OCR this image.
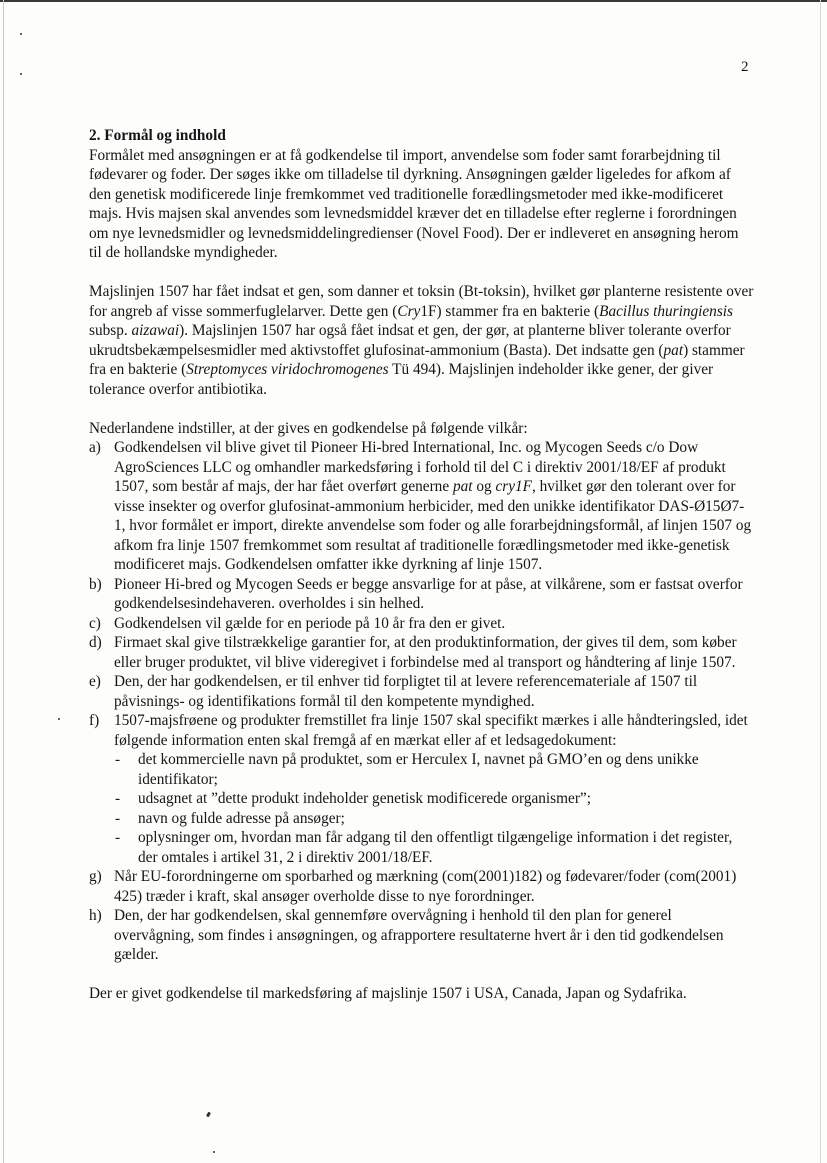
2

2. Formål og indhold

Formålet med ansøgningen er at få godkendelse til import, anvendelse som foder samt forarbejdning til fødevarer og foder. Der søges ikke om tilladelse til dyrkning. Ansøgningen gælder ligeledes for afkom af den genetisk modificerede linje fremkommet ved traditionelle forædlingsmetoder med ikke-modificeret majs. Hvis majsen skal anvendes som levnedsmiddel kræver det en tilladelse efter reglerne i forordningen om nye levnedsmidler og levnedsmiddelingredienser (Novel Food). Der er indleveret en ansøgning herom til de hollandske myndigheder.

Majslinjen 1507 har fået indsat et gen, som danner et toksin (Bt-toksin), hvilket gør planterne resistente over for angreb af visse sommerfuglelarver. Dette gen (Cry1F) stammer fra en bakterie (Bacillus thuringiensis subsp. aizawai). Majslinjen 1507 har også fået indsat et gen, der gør, at planterne bliver tolerante overfor ukrudtsbekæmpelsesmidler med aktivstoffet glufosinat-ammonium (Basta). Det indsatte gen (pat) stammer fra en bakterie (Streptomyces viridochromogenes Tü 494). Majslinjen indeholder ikke gener, der giver tolerance overfor antibiotika.

Nederlandene indstiller, at der gives en godkendelse på følgende vilkår:

a) Godkendelsen vil blive givet til Pioneer Hi-bred International, Inc. og Mycogen Seeds c/o Dow AgroSciences LLC og omhandler markedsføring i forhold til del C i direktiv 2001/18/EF af produkt 1507, som består af majs, der har fået overført generne pat og cry1F, hvilket gør den tolerant over for visse insekter og overfor glufosinat-ammonium herbicider, med den unikke identifikator DAS-Ø15Ø7-1, hvor formålet er import, direkte anvendelse som foder og alle forarbejdningsformål, af linjen 1507 og afkom fra linje 1507 fremkommet som resultat af traditionelle forædlingsmetoder med ikke-genetisk modificeret majs. Godkendelsen omfatter ikke dyrkning af linje 1507.
b) Pioneer Hi-bred og Mycogen Seeds er begge ansvarlige for at påse, at vilkårene, som er fastsat overfor godkendelsesindehaveren. overholdes i sin helhed.
c) Godkendelsen vil gælde for en periode på 10 år fra den er givet.
d) Firmaet skal give tilstrækkelige garantier for, at den produktinformation, der gives til dem, som køber eller bruger produktet, vil blive videregivet i forbindelse med al transport og håndtering af linje 1507.
e) Den, der har godkendelsen, er til enhver tid forpligtet til at levere referencemateriale af 1507 til påvisnings- og identifikations formål til den kompetente myndighed.
f) 1507-majsfrøene og produkter fremstillet fra linje 1507 skal specifikt mærkes i alle håndteringsled, idet følgende information enten skal fremgå af en mærkat eller af et ledsagedokument:
- det kommercielle navn på produktet, som er Herculex I, navnet på GMO’en og dens unikke identifikator;
- udsagnet at ”dette produkt indeholder genetisk modificerede organismer”;
- navn og fulde adresse på ansøger;
- oplysninger om, hvordan man får adgang til den offentligt tilgængelige information i det register, der omtales i artikel 31, 2 i direktiv 2001/18/EF.
g) Når EU-forordningerne om sporbarhed og mærkning (com(2001)182) og fødevarer/foder (com(2001) 425) træder i kraft, skal ansøger overholde disse to nye forordninger.
h) Den, der har godkendelsen, skal gennemføre overvågning i henhold til den plan for generel overvågning, som findes i ansøgningen, og afrapportere resultaterne hvert år i den tid godkendelsen gælder.

Der er givet godkendelse til markedsføring af majslinje 1507 i USA, Canada, Japan og Sydafrika.
